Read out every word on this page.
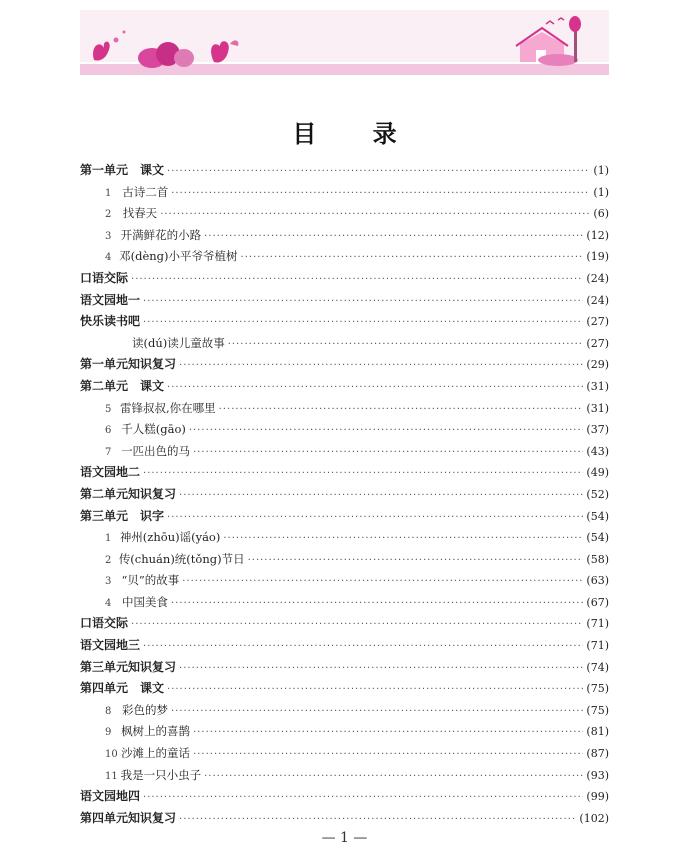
目 录
第一单元　课文 ·····	(1)
1 古诗二首 ·····	(1)
2 找春天 ·····	(6)
3 开满鲜花的小路 ·····	(12)
4 邓(dèng)小平爷爷植树 ·····	(19)
口语交际 ·····	(24)
语文园地一 ·····	(24)
快乐读书吧 ·····	(27)
读(dú)读儿童故事 ·····	(27)
第一单元知识复习 ·····	(29)
第二单元　课文 ·····	(31)
5 雷锋叔叔,你在哪里 ·····	(31)
6 千人糕(gāo) ·····	(37)
7 一匹出色的马 ·····	(43)
语文园地二 ·····	(49)
第二单元知识复习 ·····	(52)
第三单元　识字 ·····	(54)
1 神州(zhōu)谣(yáo) ·····	(54)
2 传(chuán)统(tǒng)节日 ·····	(58)
3 “贝”的故事 ·····	(63)
4 中国美食 ·····	(67)
口语交际 ·····	(71)
语文园地三 ·····	(71)
第三单元知识复习 ·····	(74)
第四单元　课文 ·····	(75)
8 彩色的梦 ·····	(75)
9 枫树上的喜鹊 ·····	(81)
10 沙滩上的童话 ·····	(87)
11 我是一只小虫子 ·····	(93)
语文园地四 ·····	(99)
第四单元知识复习 ·····	(102)
— 1 —
